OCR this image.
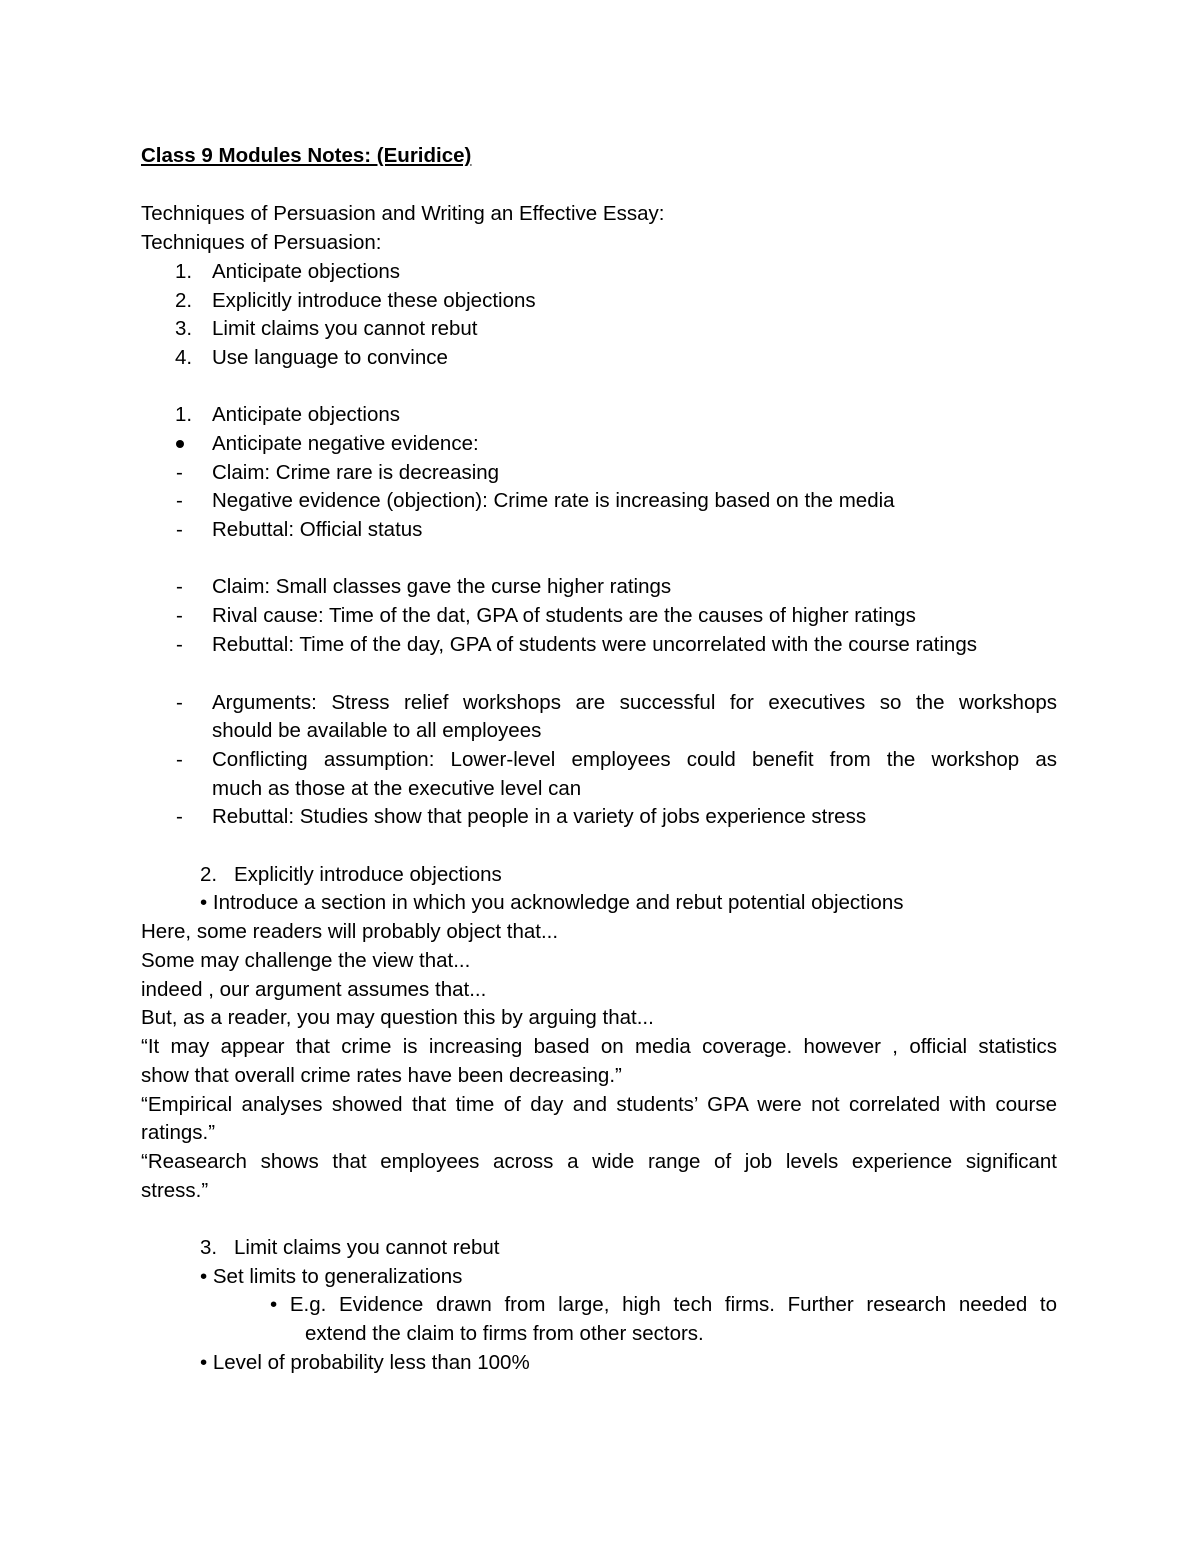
Class 9 Modules Notes: (Euridice)
Techniques of Persuasion and Writing an Effective Essay:
Techniques of Persuasion:
1. Anticipate objections
2. Explicitly introduce these objections
3. Limit claims you cannot rebut
4. Use language to convince
1. Anticipate objections
Anticipate negative evidence:
- Claim: Crime rare is decreasing
- Negative evidence (objection): Crime rate is increasing based on the media
- Rebuttal: Official status
- Claim: Small classes gave the curse higher ratings
- Rival cause: Time of the dat, GPA of students are the causes of higher ratings
- Rebuttal: Time of the day, GPA of students were uncorrelated with the course ratings
- Arguments: Stress relief workshops are successful for executives so the workshops
should be available to all employees
- Conflicting assumption: Lower-level employees could benefit from the workshop as
much as those at the executive level can
- Rebuttal: Studies show that people in a variety of jobs experience stress
2. Explicitly introduce objections
• Introduce a section in which you acknowledge and rebut potential objections
Here, some readers will probably object that...
Some may challenge the view that...
indeed , our argument assumes that...
But, as a reader, you may question this by arguing that...
“It may appear that crime is increasing based on media coverage. however , official statistics
show that overall crime rates have been decreasing.”
“Empirical analyses showed that time of day and students’ GPA were not correlated with course
ratings.”
“Reasearch shows that employees across a wide range of job levels experience significant
stress.”
3. Limit claims you cannot rebut
• Set limits to generalizations
• E.g. Evidence drawn from large, high tech firms. Further research needed to
extend the claim to firms from other sectors.
• Level of probability less than 100%
